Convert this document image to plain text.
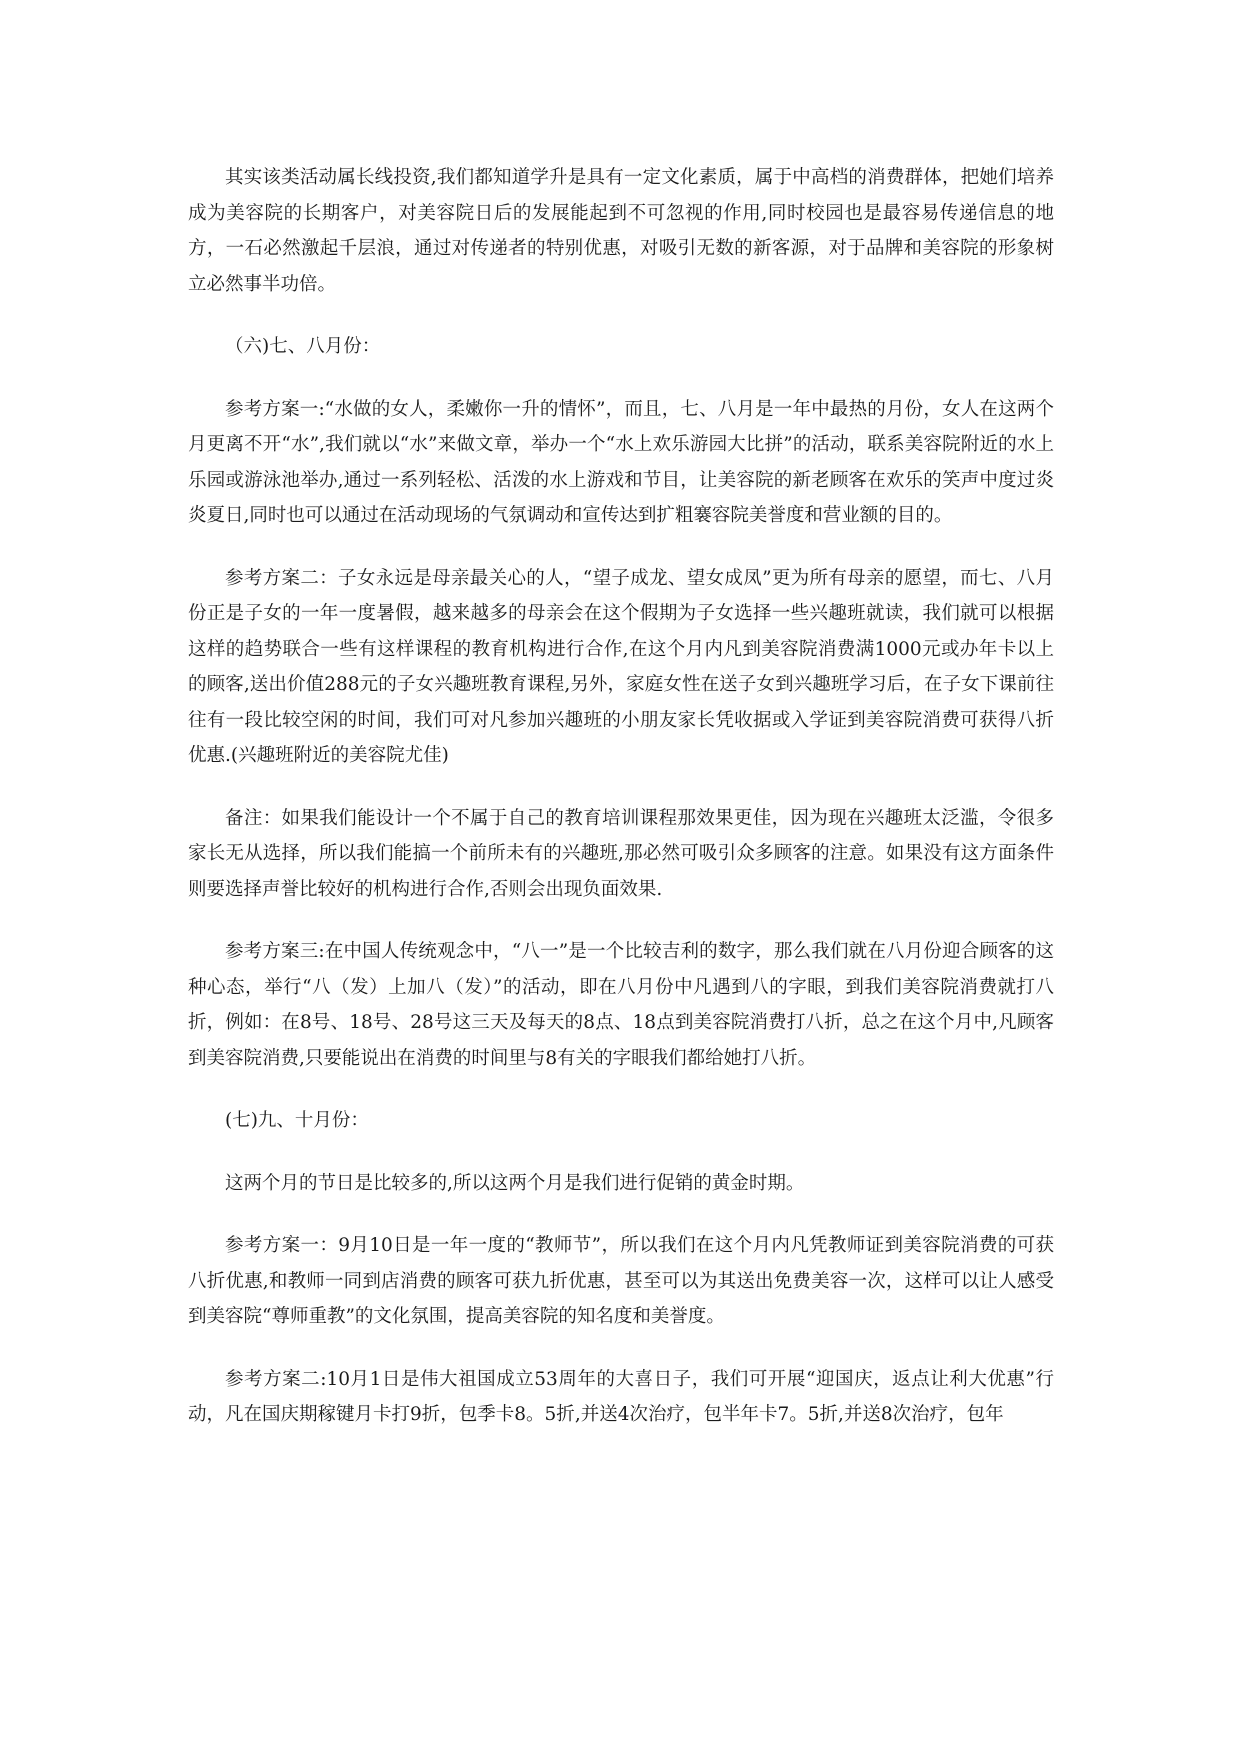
其实该类活动属长线投资,我们都知道学升是具有一定文化素质，属于中高档的消费群体，把她们培养成为美容院的长期客户，对美容院日后的发展能起到不可忽视的作用,同时校园也是最容易传递信息的地方，一石必然激起千层浪，通过对传递者的特别优惠，对吸引无数的新客源，对于品牌和美容院的形象树立必然事半功倍。

（六)七、八月份：

参考方案一:“水做的女人，柔嫩你一升的情怀”，而且，七、八月是一年中最热的月份，女人在这两个月更离不开“水”,我们就以“水”来做文章，举办一个“水上欢乐游园大比拼”的活动，联系美容院附近的水上乐园或游泳池举办,通过一系列轻松、活泼的水上游戏和节目，让美容院的新老顾客在欢乐的笑声中度过炎炎夏日,同时也可以通过在活动现场的气氛调动和宣传达到扩粗褰容院美誉度和营业额的目的。

参考方案二：子女永远是母亲最关心的人，“望子成龙、望女成凤”更为所有母亲的愿望，而七、八月份正是子女的一年一度暑假，越来越多的母亲会在这个假期为子女选择一些兴趣班就读，我们就可以根据这样的趋势联合一些有这样课程的教育机构进行合作,在这个月内凡到美容院消费满1000元或办年卡以上的顾客,送出价值288元的子女兴趣班教育课程,另外，家庭女性在送子女到兴趣班学习后，在子女下课前往往有一段比较空闲的时间，我们可对凡参加兴趣班的小朋友家长凭收据或入学证到美容院消费可获得八折优惠.(兴趣班附近的美容院尤佳)

备注：如果我们能设计一个不属于自己的教育培训课程那效果更佳，因为现在兴趣班太泛滥，令很多家长无从选择，所以我们能搞一个前所未有的兴趣班,那必然可吸引众多顾客的注意。如果没有这方面条件则要选择声誉比较好的机构进行合作,否则会出现负面效果.

参考方案三:在中国人传统观念中，“八一”是一个比较吉利的数字，那么我们就在八月份迎合顾客的这种心态，举行“八（发）上加八（发）”的活动，即在八月份中凡遇到八的字眼，到我们美容院消费就打八折，例如：在8号、18号、28号这三天及每天的8点、18点到美容院消费打八折，总之在这个月中,凡顾客到美容院消费,只要能说出在消费的时间里与8有关的字眼我们都给她打八折。

(七)九、十月份：

这两个月的节日是比较多的,所以这两个月是我们进行促销的黄金时期。

参考方案一：9月10日是一年一度的“教师节”，所以我们在这个月内凡凭教师证到美容院消费的可获八折优惠,和教师一同到店消费的顾客可获九折优惠，甚至可以为其送出免费美容一次，这样可以让人感受到美容院“尊师重教”的文化氛围，提高美容院的知名度和美誉度。

参考方案二:10月1日是伟大祖国成立53周年的大喜日子，我们可开展“迎国庆，返点让利大优惠”行动，凡在国庆期稼键月卡打9折，包季卡8。5折,并送4次治疗，包半年卡7。5折,并送8次治疗，包年
